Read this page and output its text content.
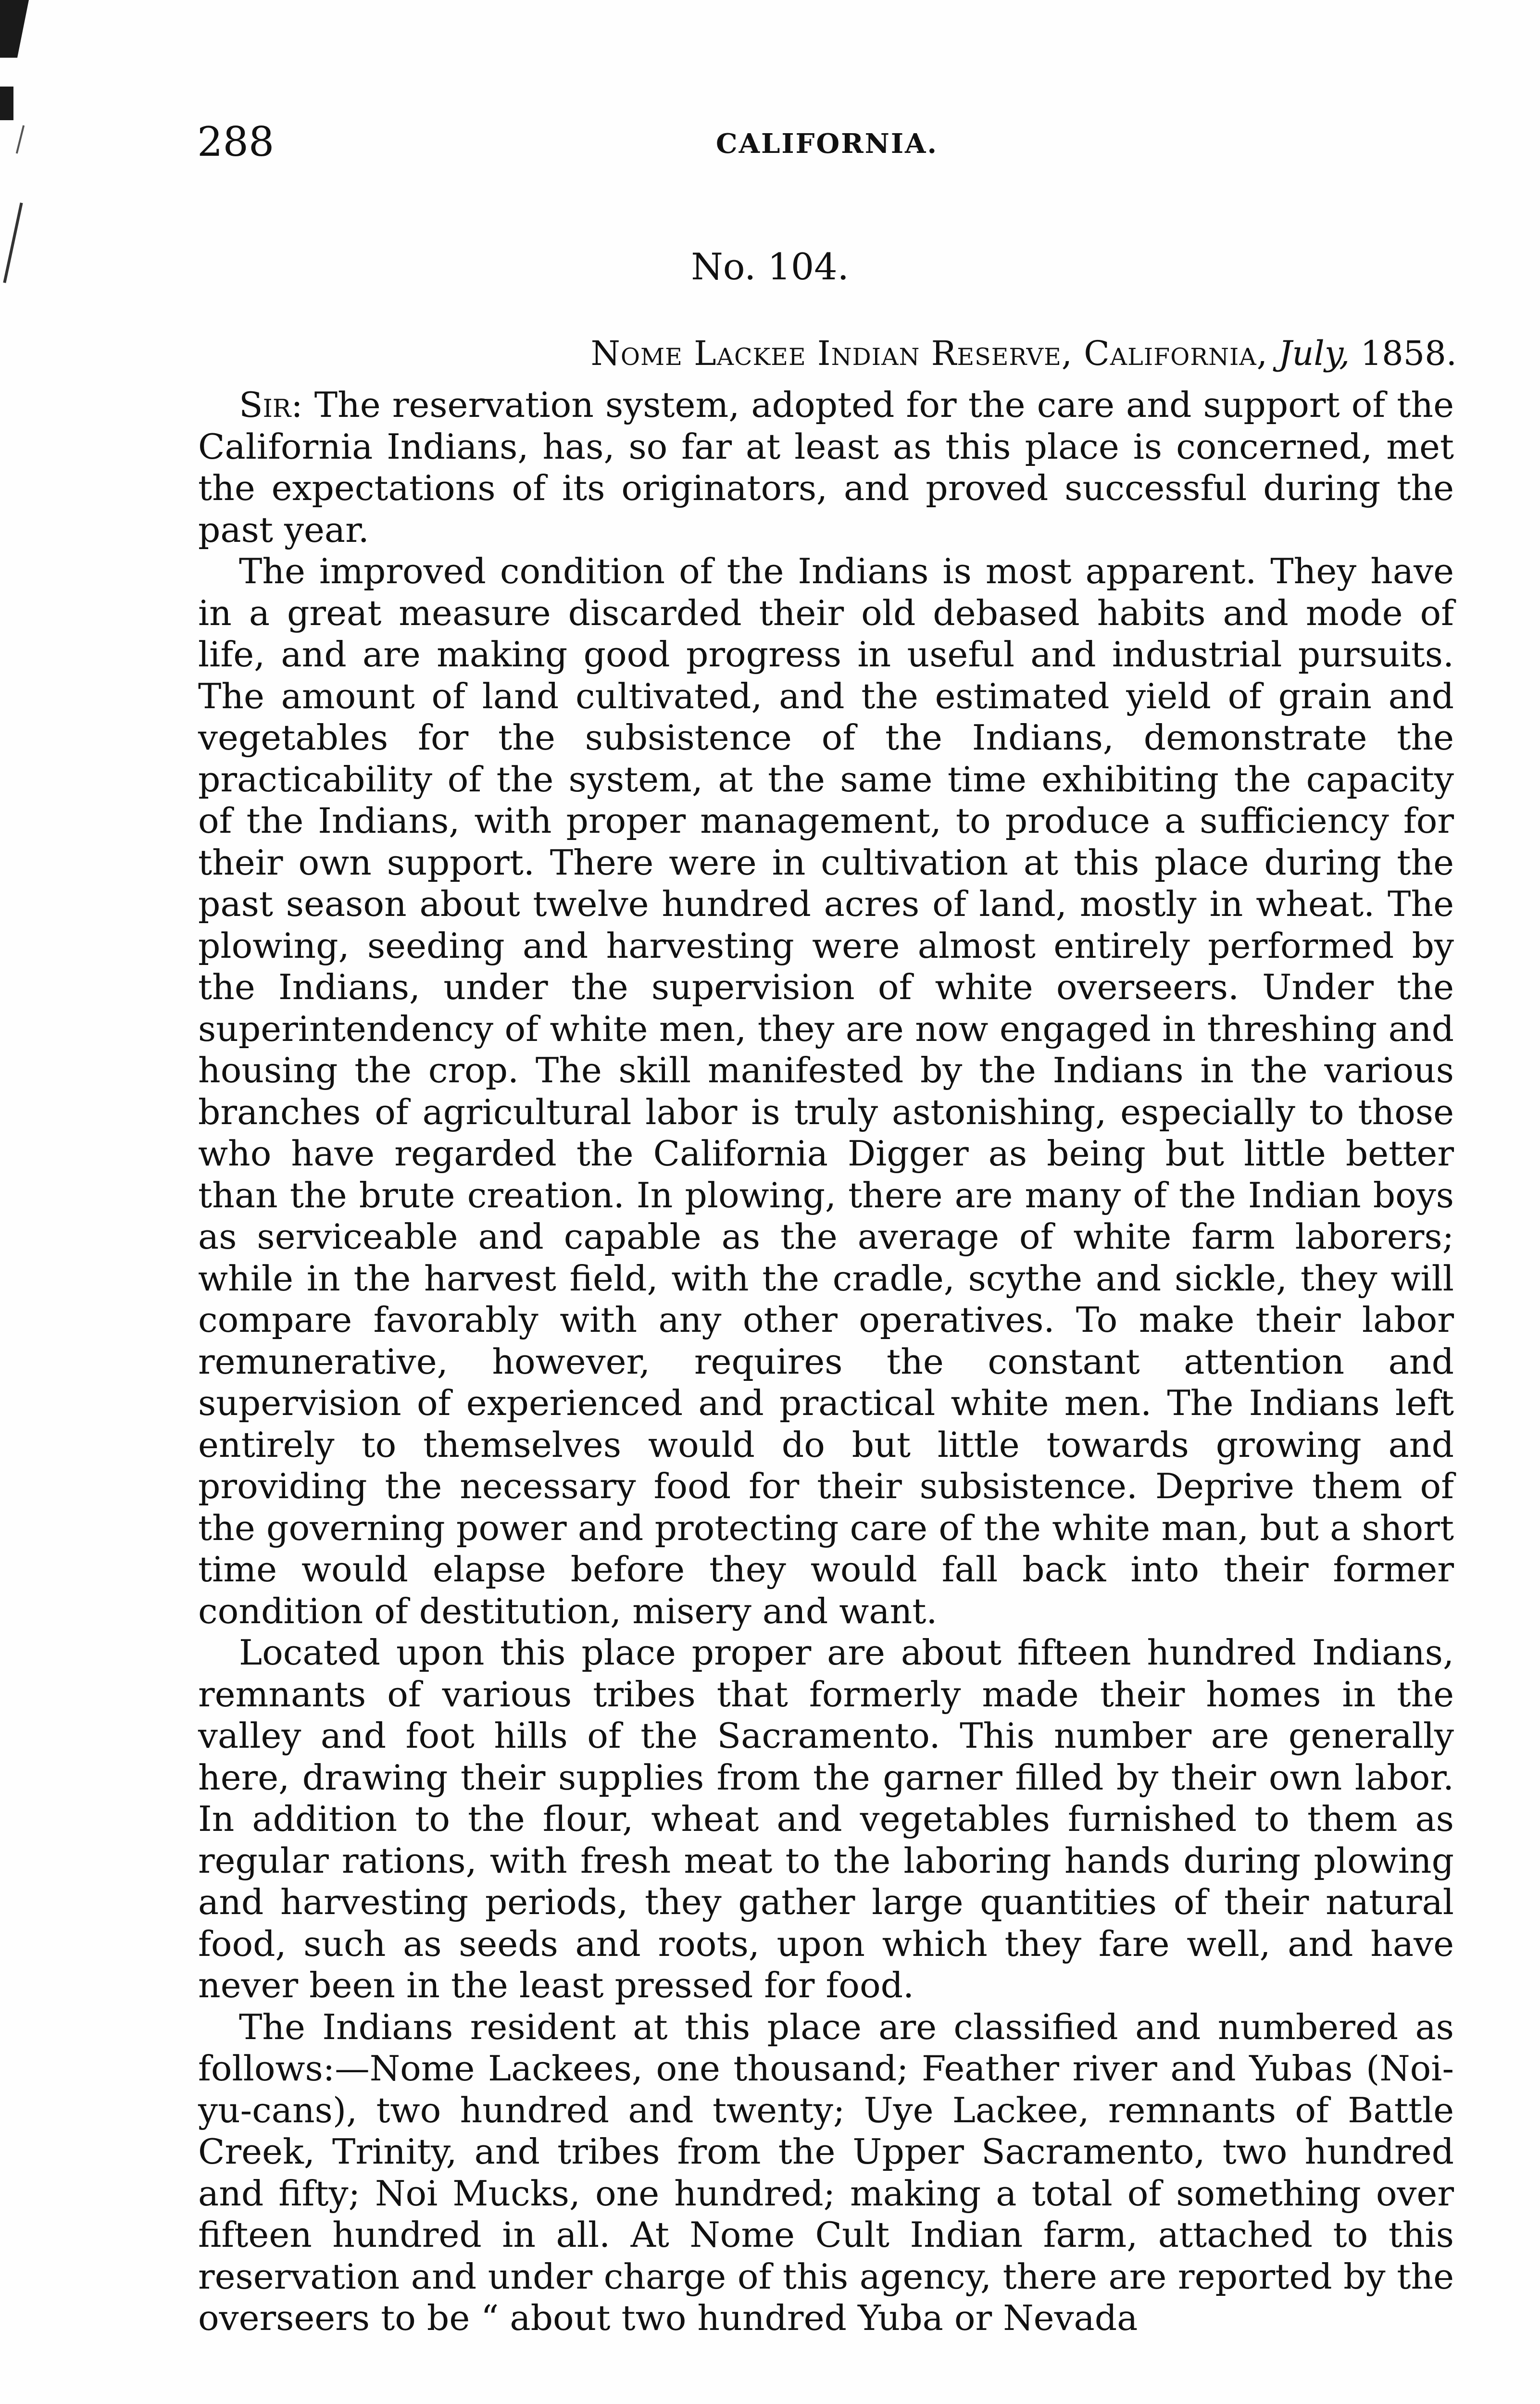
288	CALIFORNIA.
No. 104.
Nome Lackee Indian Reserve, California, July, 1858.

Sir: The reservation system, adopted for the care and support of the California Indians, has, so far at least as this place is concerned, met the expectations of its originators, and proved successful during the past year.

The improved condition of the Indians is most apparent. They have in a great measure discarded their old debased habits and mode of life, and are making good progress in useful and industrial pursuits. The amount of land cultivated, and the estimated yield of grain and vegetables for the subsistence of the Indians, demonstrate the practicability of the system, at the same time exhibiting the capacity of the Indians, with proper management, to produce a sufficiency for their own support. There were in cultivation at this place during the past season about twelve hundred acres of land, mostly in wheat. The plowing, seeding and harvesting were almost entirely performed by the Indians, under the supervision of white overseers. Under the superintendency of white men, they are now engaged in threshing and housing the crop. The skill manifested by the Indians in the various branches of agricultural labor is truly astonishing, especially to those who have regarded the California Digger as being but little better than the brute creation. In plowing, there are many of the Indian boys as serviceable and capable as the average of white farm laborers; while in the harvest field, with the cradle, scythe and sickle, they will compare favorably with any other operatives. To make their labor remunerative, however, requires the constant attention and supervision of experienced and practical white men. The Indians left entirely to themselves would do but little towards growing and providing the necessary food for their subsistence. Deprive them of the governing power and protecting care of the white man, but a short time would elapse before they would fall back into their former condition of destitution, misery and want.

Located upon this place proper are about fifteen hundred Indians, remnants of various tribes that formerly made their homes in the valley and foot hills of the Sacramento. This number are generally here, drawing their supplies from the garner filled by their own labor. In addition to the flour, wheat and vegetables furnished to them as regular rations, with fresh meat to the laboring hands during plowing and harvesting periods, they gather large quantities of their natural food, such as seeds and roots, upon which they fare well, and have never been in the least pressed for food.

The Indians resident at this place are classified and numbered as follows:—Nome Lackees, one thousand; Feather river and Yubas (Noi-yu-cans), two hundred and twenty; Uye Lackee, remnants of Battle Creek, Trinity, and tribes from the Upper Sacramento, two hundred and fifty; Noi Mucks, one hundred; making a total of something over fifteen hundred in all. At Nome Cult Indian farm, attached to this reservation and under charge of this agency, there are reported by the overseers to be “ about two hundred Yuba or Nevada
